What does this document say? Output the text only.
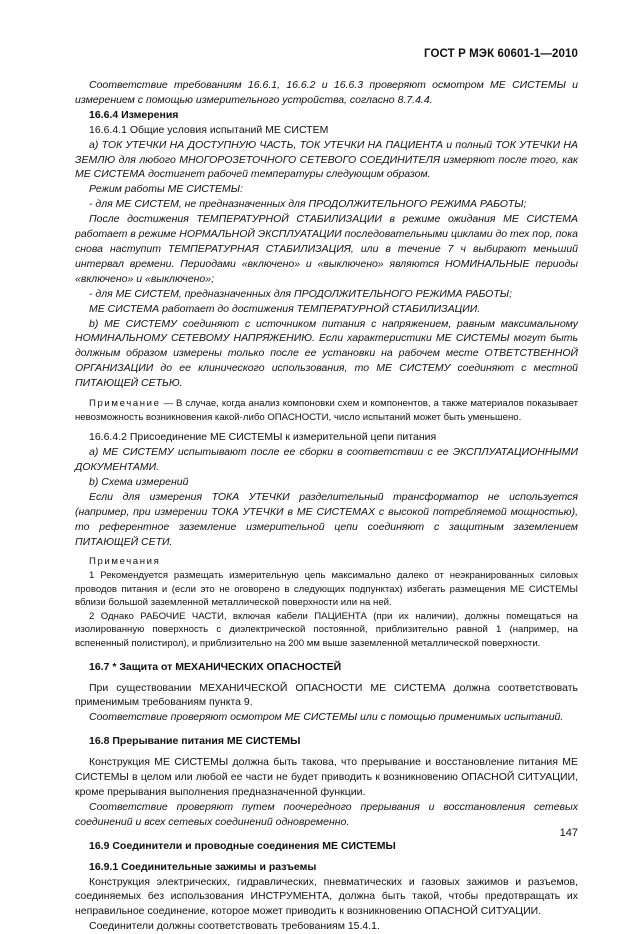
ГОСТ Р МЭК 60601-1—2010

Соответствие требованиям 16.6.1, 16.6.2 и 16.6.3 проверяют осмотром МЕ СИСТЕМЫ и измерением с помощью измерительного устройства, согласно 8.7.4.4.

16.6.4 Измерения

16.6.4.1 Общие условия испытаний МЕ СИСТЕМ

а) ТОК УТЕЧКИ НА ДОСТУПНУЮ ЧАСТЬ, ТОК УТЕЧКИ НА ПАЦИЕНТА и полный ТОК УТЕЧКИ НА ЗЕМЛЮ для любого МНОГОРОЗЕТОЧНОГО СЕТЕВОГО СОЕДИНИТЕЛЯ измеряют после того, как МЕ СИСТЕМА достигнет рабочей температуры следующим образом.

Режим работы МЕ СИСТЕМЫ:

- для МЕ СИСТЕМ, не предназначенных для ПРОДОЛЖИТЕЛЬНОГО РЕЖИМА РАБОТЫ;

После достижения ТЕМПЕРАТУРНОЙ СТАБИЛИЗАЦИИ в режиме ожидания МЕ СИСТЕМА работает в режиме НОРМАЛЬНОЙ ЭКСПЛУАТАЦИИ последовательными циклами до тех пор, пока снова наступит ТЕМПЕРАТУРНАЯ СТАБИЛИЗАЦИЯ, или в течение 7 ч выбирают меньший интервал времени. Периодами «включено» и «выключено» являются НОМИНАЛЬНЫЕ периоды «включено» и «выключено»;

- для МЕ СИСТЕМ, предназначенных для ПРОДОЛЖИТЕЛЬНОГО РЕЖИМА РАБОТЫ;

МЕ СИСТЕМА работает до достижения ТЕМПЕРАТУРНОЙ СТАБИЛИЗАЦИИ.

b) МЕ СИСТЕМУ соединяют с источником питания с напряжением, равным максимальному НОМИНАЛЬНОМУ СЕТЕВОМУ НАПРЯЖЕНИЮ. Если характеристики МЕ СИСТЕМЫ могут быть должным образом измерены только после ее установки на рабочем месте ОТВЕТСТВЕННОЙ ОРГАНИЗАЦИИ до ее клинического использования, то МЕ СИСТЕМУ соединяют с местной ПИТАЮЩЕЙ СЕТЬЮ.

Примечание — В случае, когда анализ компоновки схем и компонентов, а также материалов показывает невозможность возникновения какой-либо ОПАСНОСТИ, число испытаний может быть уменьшено.

16.6.4.2 Присоединение МЕ СИСТЕМЫ к измерительной цепи питания

а) МЕ СИСТЕМУ испытывают после ее сборки в соответствии с ее ЭКСПЛУАТАЦИОННЫМИ ДОКУМЕНТАМИ.

b) Схема измерений

Если для измерения ТОКА УТЕЧКИ разделительный трансформатор не используется (например, при измерении ТОКА УТЕЧКИ в МЕ СИСТЕМАХ с высокой потребляемой мощностью), то референтное заземление измерительной цепи соединяют с защитным заземлением ПИТАЮЩЕЙ СЕТИ.

Примечания

1 Рекомендуется размещать измерительную цепь максимально далеко от неэкранированных силовых проводов питания и (если это не оговорено в следующих подпунктах) избегать размещения МЕ СИСТЕМЫ вблизи большой заземленной металлической поверхности или на ней.

2 Однако РАБОЧИЕ ЧАСТИ, включая кабели ПАЦИЕНТА (при их наличии), должны помещаться на изолированную поверхность с диэлектрической постоянной, приблизительно равной 1 (например, на вспененный полистирол), и приблизительно на 200 мм выше заземленной металлической поверхности.

16.7 * Защита от МЕХАНИЧЕСКИХ ОПАСНОСТЕЙ

При существовании МЕХАНИЧЕСКОЙ ОПАСНОСТИ МЕ СИСТЕМА должна соответствовать применимым требованиям пункта 9.

Соответствие проверяют осмотром МЕ СИСТЕМЫ или с помощью применимых испытаний.

16.8 Прерывание питания МЕ СИСТЕМЫ

Конструкция МЕ СИСТЕМЫ должна быть такова, что прерывание и восстановление питания МЕ СИСТЕМЫ в целом или любой ее части не будет приводить к возникновению ОПАСНОЙ СИТУАЦИИ, кроме прерывания выполнения предназначенной функции.

Соответствие проверяют путем поочередного прерывания и восстановления сетевых соединений и всех сетевых соединений одновременно.

16.9 Соединители и проводные соединения МЕ СИСТЕМЫ

16.9.1 Соединительные зажимы и разъемы

Конструкция электрических, гидравлических, пневматических и газовых зажимов и разъемов, соединяемых без использования ИНСТРУМЕНТА, должна быть такой, чтобы предотвращать их неправильное соединение, которое может приводить к возникновению ОПАСНОЙ СИТУАЦИИ.

Соединители должны соответствовать требованиям 15.4.1.

147
